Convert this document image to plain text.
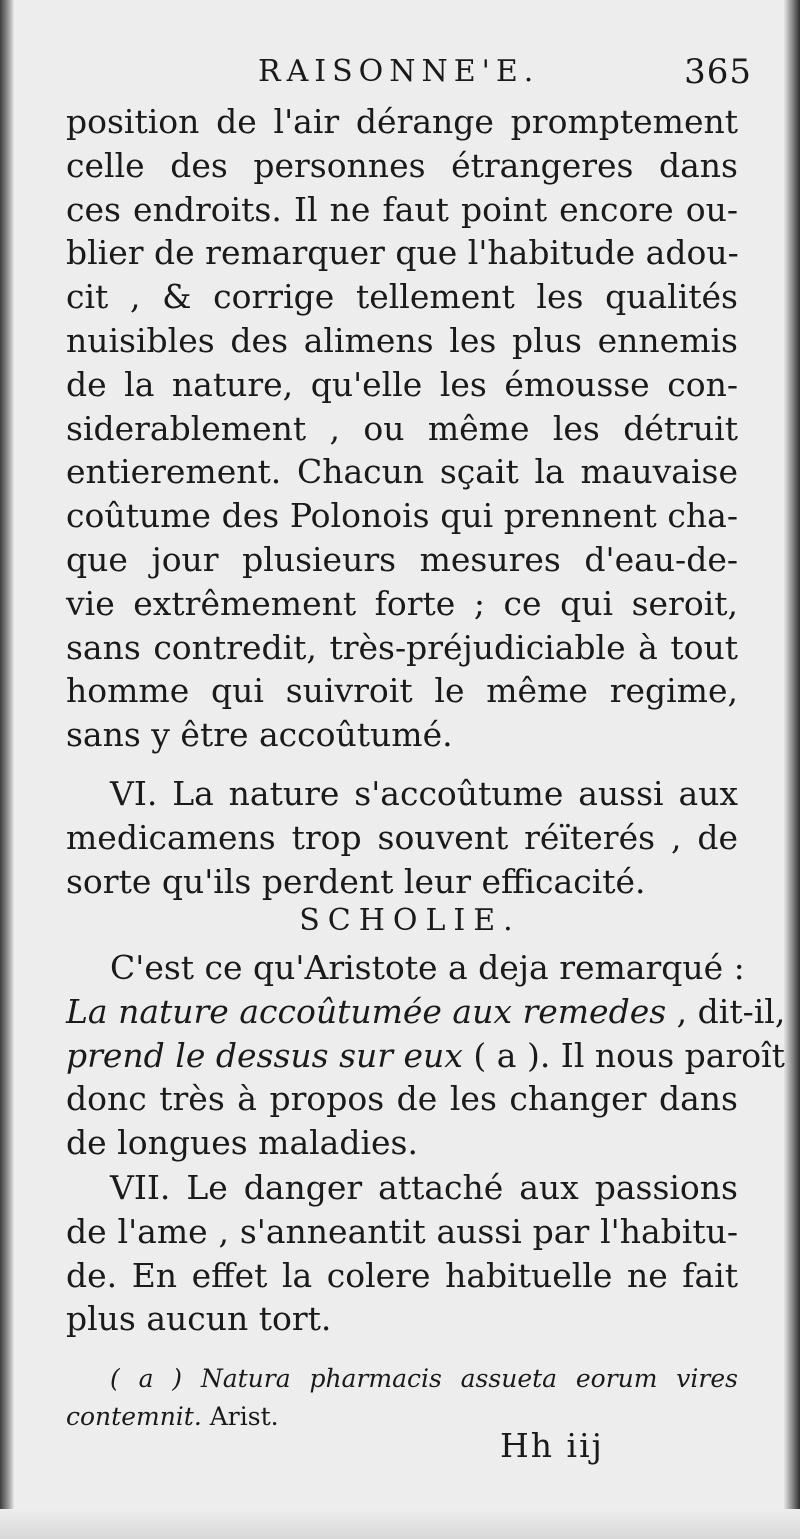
RAISONNE'E.	365
position de l'air dérange promptement
celle des personnes étrangeres dans
ces endroits. Il ne faut point encore ou-
blier de remarquer que l'habitude adou-
cit , & corrige tellement les qualités
nuisibles des alimens les plus ennemis
de la nature, qu'elle les émousse con-
siderablement , ou même les détruit
entierement. Chacun sçait la mauvaise
coûtume des Polonois qui prennent cha-
que jour plusieurs mesures d'eau-de-
vie extrêmement forte ; ce qui seroit,
sans contredit, très-préjudiciable à tout
homme qui suivroit le même regime,
sans y être accoûtumé.
VI. La nature s'accoûtume aussi aux
medicamens trop souvent réïterés , de
sorte qu'ils perdent leur efficacité.
SCHOLIE.
C'est ce qu'Aristote a deja remarqué :
La nature accoûtumée aux remedes , dit-il,
prend le dessus sur eux ( a ). Il nous paroît
donc très à propos de les changer dans
de longues maladies.
VII. Le danger attaché aux passions
de l'ame , s'anneantit aussi par l'habitu-
de. En effet la colere habituelle ne fait
plus aucun tort.
( a ) Natura pharmacis assueta eorum vires
contemnit. Arist.
Hh iij
